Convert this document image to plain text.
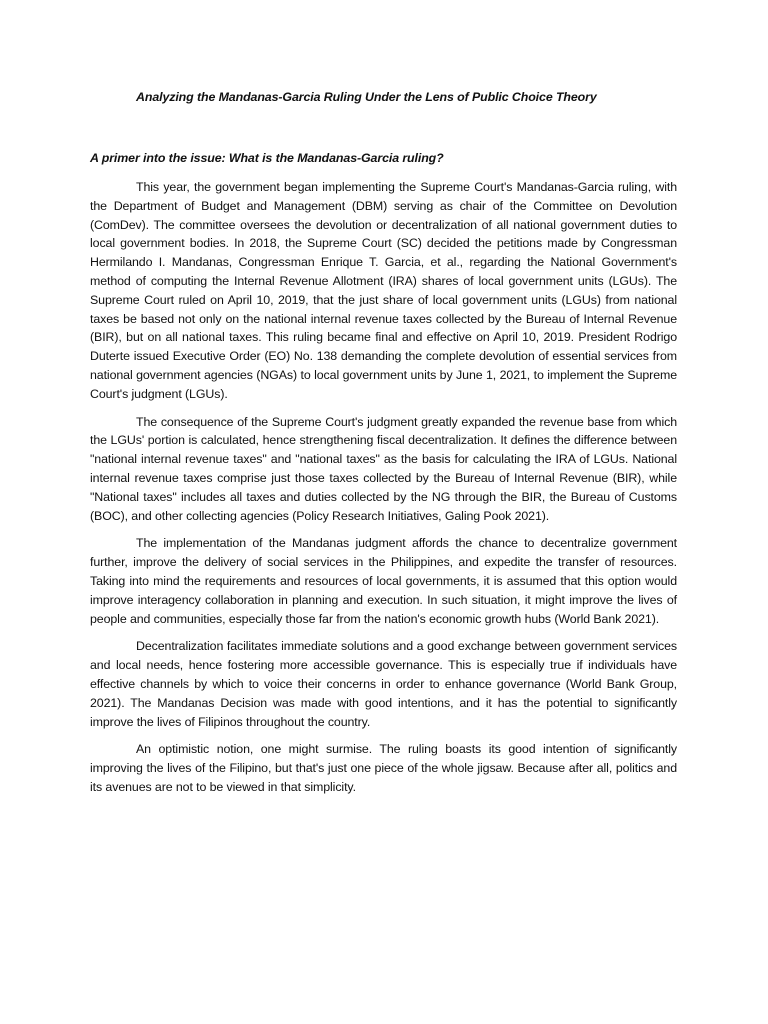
Analyzing the Mandanas-Garcia Ruling Under the Lens of Public Choice Theory
A primer into the issue: What is the Mandanas-Garcia ruling?

This year, the government began implementing the Supreme Court's Mandanas-Garcia ruling, with the Department of Budget and Management (DBM) serving as chair of the Committee on Devolution (ComDev). The committee oversees the devolution or decentralization of all national government duties to local government bodies. In 2018, the Supreme Court (SC) decided the petitions made by Congressman Hermilando I. Mandanas, Congressman Enrique T. Garcia, et al., regarding the National Government's method of computing the Internal Revenue Allotment (IRA) shares of local government units (LGUs). The Supreme Court ruled on April 10, 2019, that the just share of local government units (LGUs) from national taxes be based not only on the national internal revenue taxes collected by the Bureau of Internal Revenue (BIR), but on all national taxes. This ruling became final and effective on April 10, 2019. President Rodrigo Duterte issued Executive Order (EO) No. 138 demanding the complete devolution of essential services from national government agencies (NGAs) to local government units by June 1, 2021, to implement the Supreme Court's judgment (LGUs).

The consequence of the Supreme Court's judgment greatly expanded the revenue base from which the LGUs' portion is calculated, hence strengthening fiscal decentralization. It defines the difference between "national internal revenue taxes" and "national taxes" as the basis for calculating the IRA of LGUs. National internal revenue taxes comprise just those taxes collected by the Bureau of Internal Revenue (BIR), while "National taxes" includes all taxes and duties collected by the NG through the BIR, the Bureau of Customs (BOC), and other collecting agencies (Policy Research Initiatives, Galing Pook 2021).

The implementation of the Mandanas judgment affords the chance to decentralize government further, improve the delivery of social services in the Philippines, and expedite the transfer of resources. Taking into mind the requirements and resources of local governments, it is assumed that this option would improve interagency collaboration in planning and execution. In such situation, it might improve the lives of people and communities, especially those far from the nation's economic growth hubs (World Bank 2021).

Decentralization facilitates immediate solutions and a good exchange between government services and local needs, hence fostering more accessible governance. This is especially true if individuals have effective channels by which to voice their concerns in order to enhance governance (World Bank Group, 2021). The Mandanas Decision was made with good intentions, and it has the potential to significantly improve the lives of Filipinos throughout the country.

An optimistic notion, one might surmise. The ruling boasts its good intention of significantly improving the lives of the Filipino, but that's just one piece of the whole jigsaw. Because after all, politics and its avenues are not to be viewed in that simplicity.
